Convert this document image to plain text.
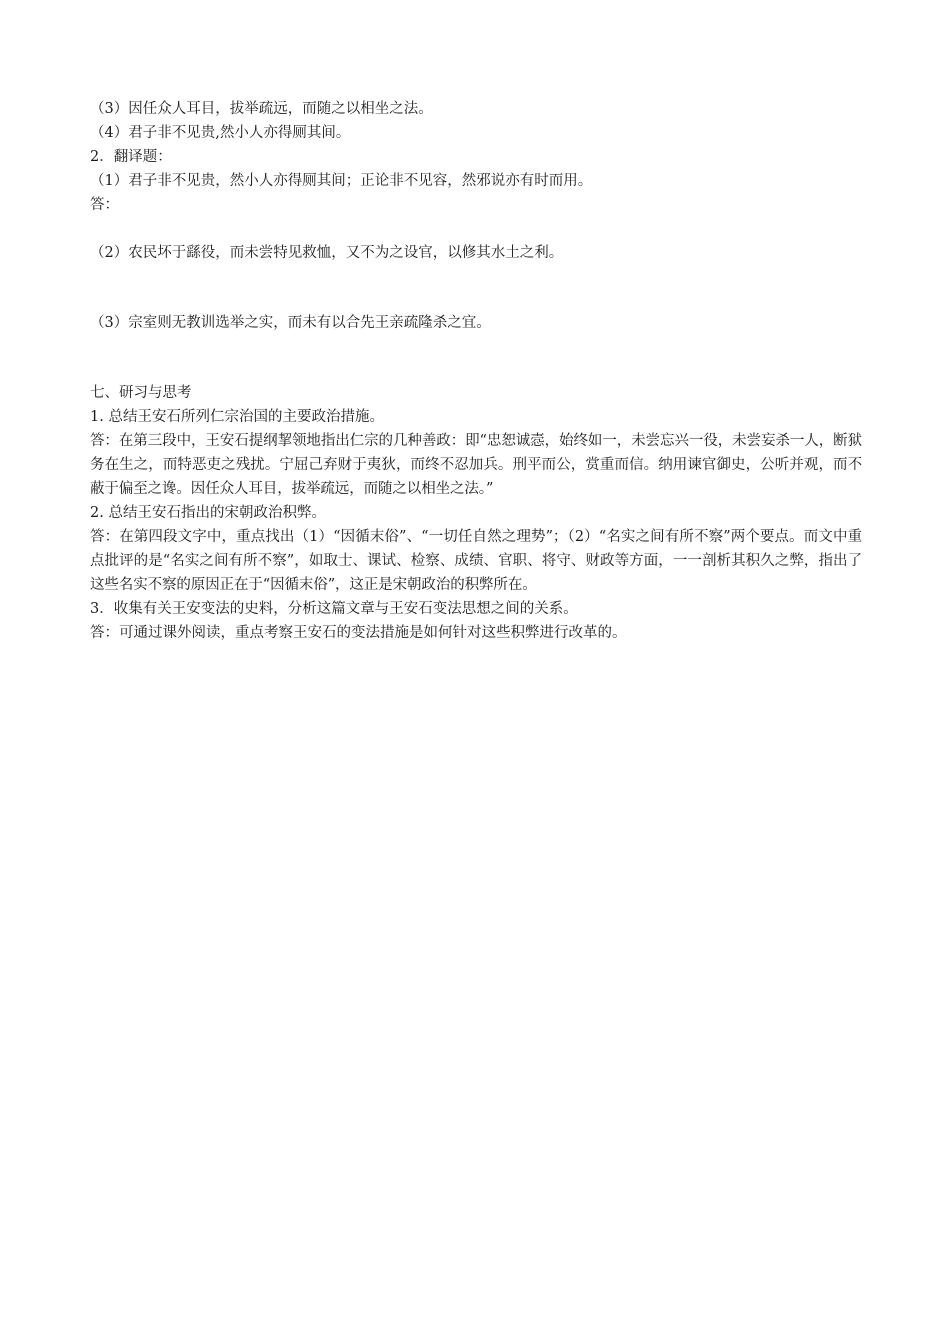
（3）因任众人耳目，拔举疏远，而随之以相坐之法。

（4）君子非不见贵,然小人亦得厕其间。

2．翻译题：

（1）君子非不见贵，然小人亦得厕其间；正论非不见容，然邪说亦有时而用。

答：

（2）农民坏于繇役，而未尝特见救恤，又不为之设官，以修其水土之利。

（3）宗室则无教训选举之实，而未有以合先王亲疏隆杀之宜。

七、研习与思考

1. 总结王安石所列仁宗治国的主要政治措施。

答：在第三段中，王安石提纲挈领地指出仁宗的几种善政：即“忠恕诚悫，始终如一，未尝忘兴一役，未尝妄杀一人，断狱务在生之，而特恶吏之残扰。宁屈己弃财于夷狄，而终不忍加兵。刑平而公，赏重而信。纳用谏官御史，公听并观，而不蔽于偏至之谗。因任众人耳目，拔举疏远，而随之以相坐之法。”

2. 总结王安石指出的宋朝政治积弊。

答：在第四段文字中，重点找出（1）“因循末俗”、“一切任自然之理势”；（2）“名实之间有所不察”两个要点。而文中重点批评的是“名实之间有所不察”，如取士、课试、检察、成绩、官职、将守、财政等方面，一一剖析其积久之弊，指出了这些名实不察的原因正在于“因循末俗”，这正是宋朝政治的积弊所在。

3．收集有关王安变法的史料，分析这篇文章与王安石变法思想之间的关系。

答：可通过课外阅读，重点考察王安石的变法措施是如何针对这些积弊进行改革的。
